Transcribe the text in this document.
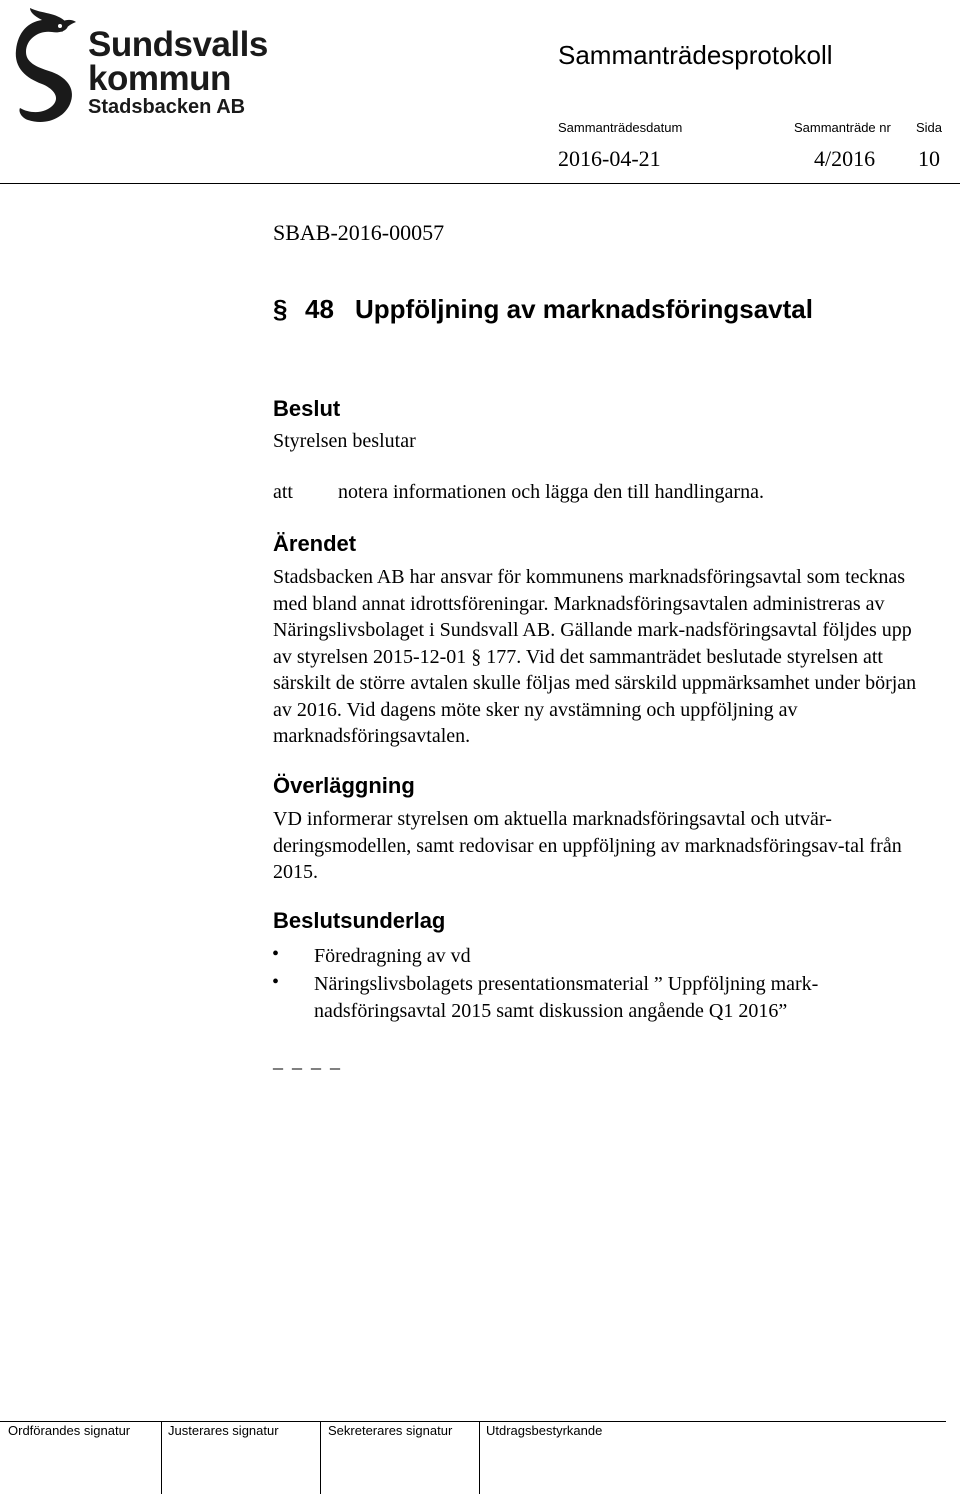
Sundsvalls
kommun
Stadsbacken AB
Sammanträdesprotokoll
Sammanträdesdatum	Sammanträde nr Sida
2016-04-21	4/2016 10
SBAB-2016-00057
§ 48 Uppföljning av marknadsföringsavtal
Beslut
Styrelsen beslutar
att notera informationen och lägga den till handlingarna.
Ärendet
Stadsbacken AB har ansvar för kommunens marknadsföringsavtal som tecknas med bland annat idrottsföreningar. Marknadsföringsavtalen administreras av Näringslivsbolaget i Sundsvall AB. Gällande mark-nadsföringsavtal följdes upp av styrelsen 2015-12-01 § 177. Vid det sammanträdet beslutade styrelsen att särskilt de större avtalen skulle följas med särskild uppmärksamhet under början av 2016. Vid dagens möte sker ny avstämning och uppföljning av marknadsföringsavtalen.
Överläggning
VD informerar styrelsen om aktuella marknadsföringsavtal och utvär-deringsmodellen, samt redovisar en uppföljning av marknadsföringsav-tal från 2015.
Beslutsunderlag
• Föredragning av vd
• Näringslivsbolagets presentationsmaterial ” Uppföljning mark-nadsföringsavtal 2015 samt diskussion angående Q1 2016”
_ _ _ _
Ordförandes signatur	Justerares signatur	Sekreterares signatur	Utdragsbestyrkande
